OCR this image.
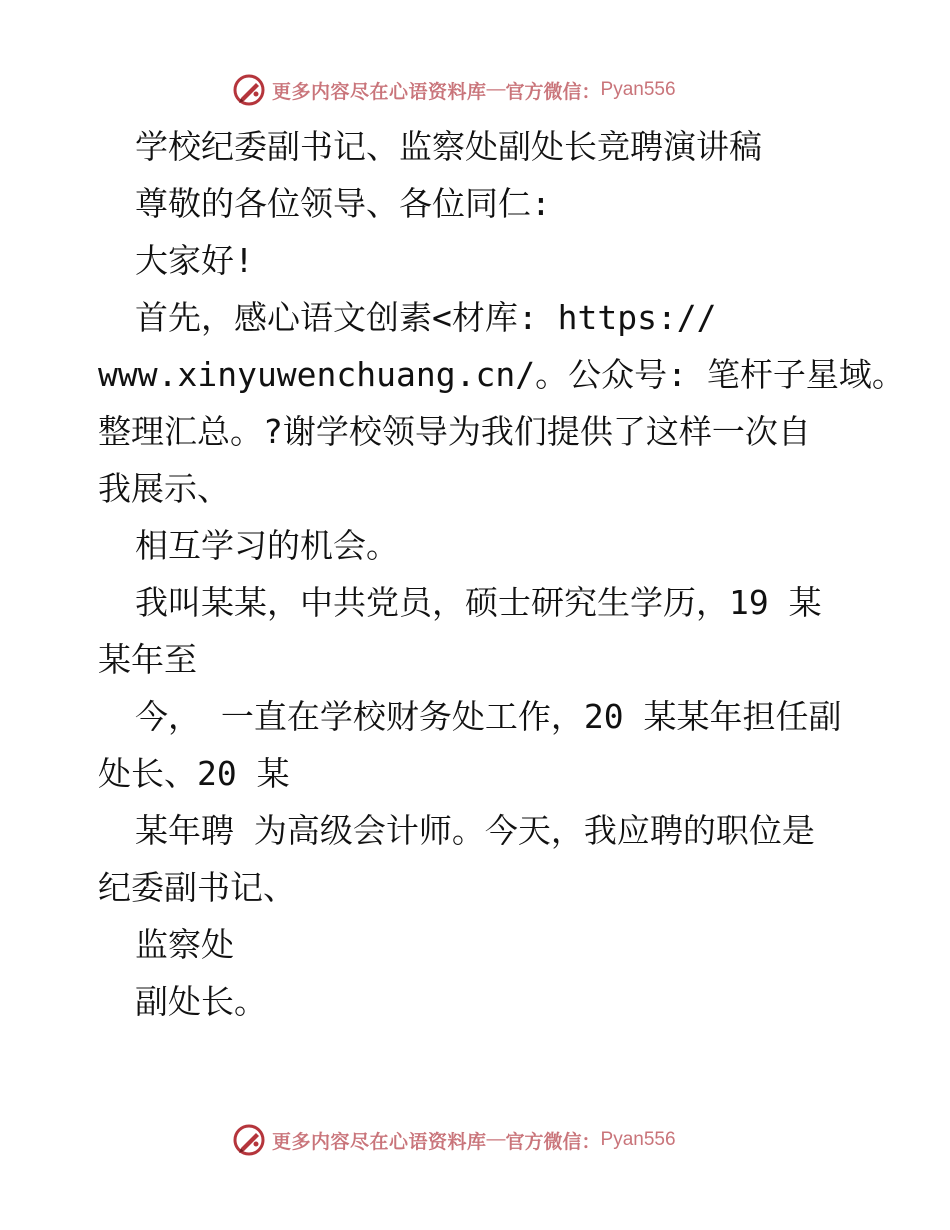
更多内容尽在心语资料库 — 官方微信： Pyan556
学校纪委副书记、监察处副处长竞聘演讲稿
尊敬的各位领导、各位同仁:
大家好!
首先，感心语文创素<材库: https://
www.xinyuwenchuang.cn/。公众号: 笔杆子星域。
整理汇总。?谢学校领导为我们提供了这样一次自
我展示、
相互学习的机会。
我叫某某，中共党员，硕士研究生学历，19 某
某年至
今， 一直在学校财务处工作，20 某某年担任副
处长、20 某
某年聘 为高级会计师。今天，我应聘的职位是
纪委副书记、
监察处
副处长。
更多内容尽在心语资料库 — 官方微信： Pyan556
